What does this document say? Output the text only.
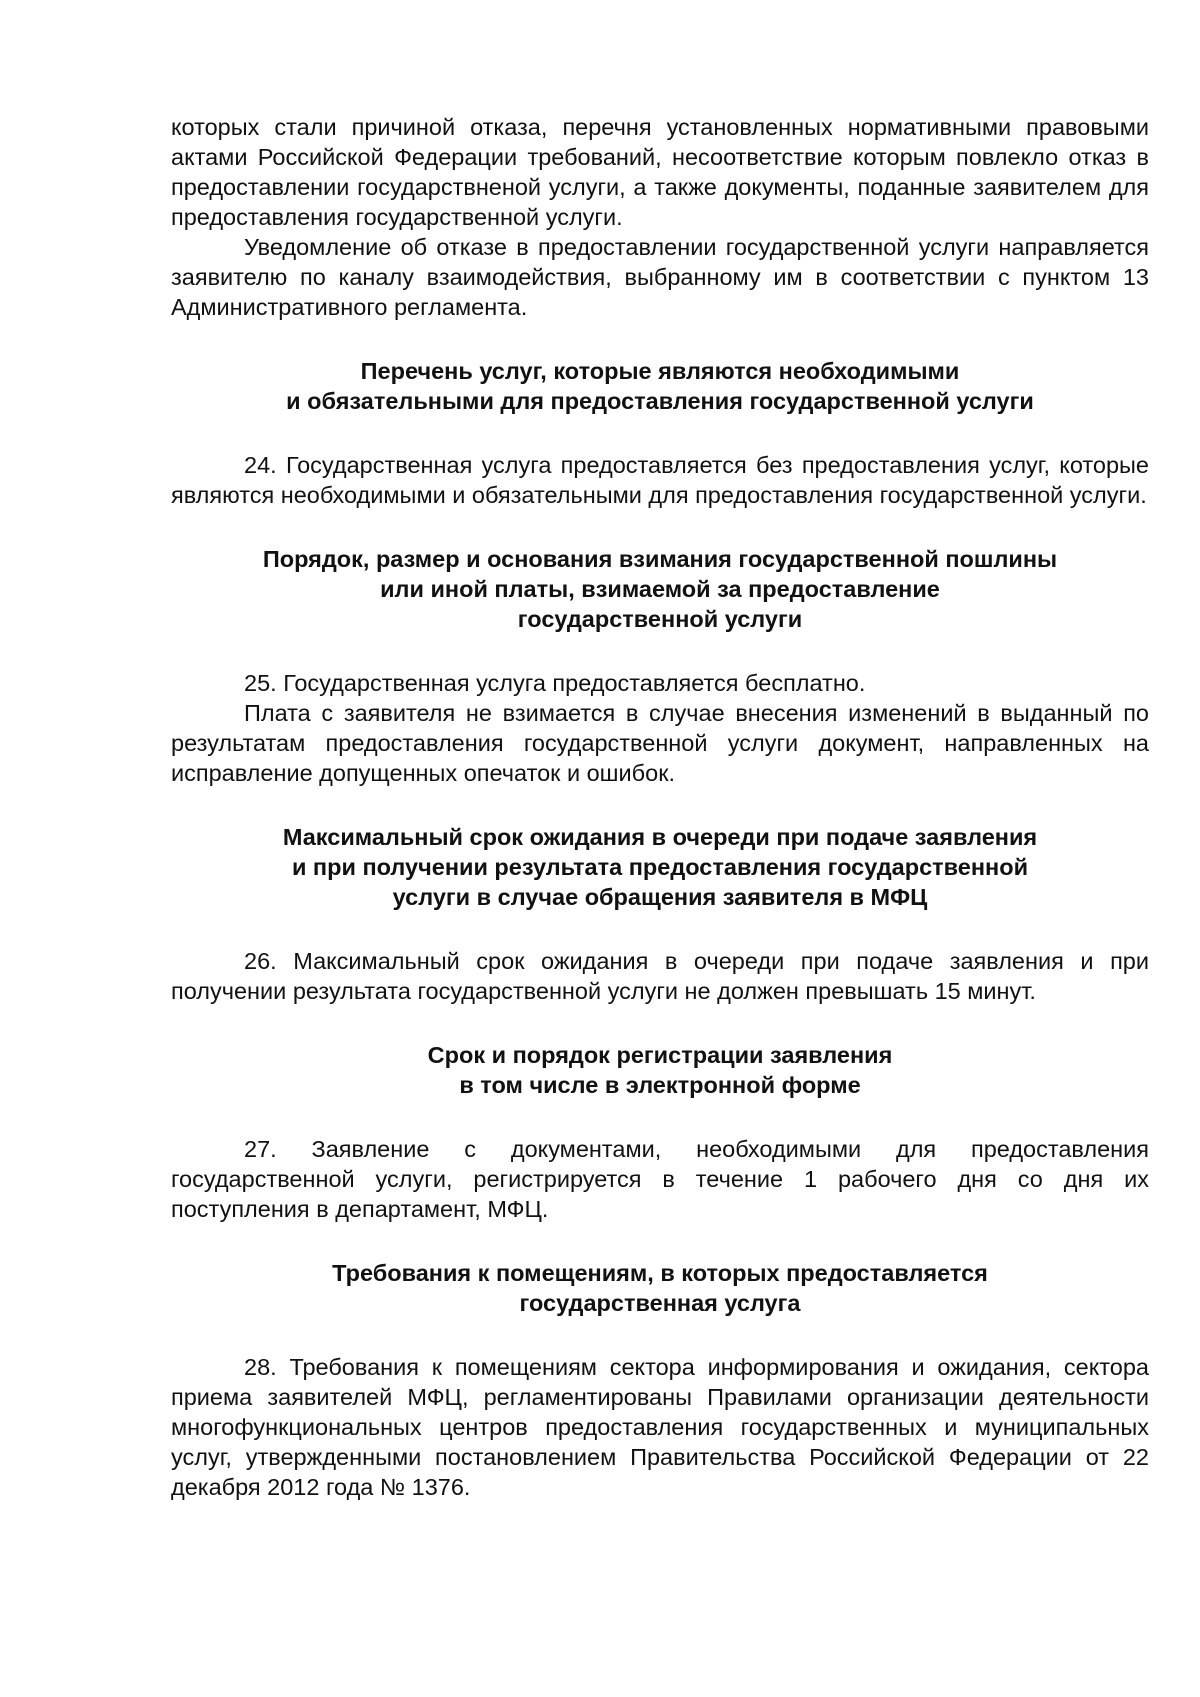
которых стали причиной отказа, перечня установленных нормативными правовыми актами Российской Федерации требований, несоответствие которым повлекло отказ в предоставлении государствненой услуги, а также документы, поданные заявителем для предоставления государственной услуги.

Уведомление об отказе в предоставлении государственной услуги направляется заявителю по каналу взаимодействия, выбранному им в соответствии с пунктом 13 Административного регламента.

Перечень услуг, которые являются необходимыми
и обязательными для предоставления государственной услуги

24. Государственная услуга предоставляется без предоставления услуг, которые являются необходимыми и обязательными для предоставления государственной услуги.

Порядок, размер и основания взимания государственной пошлины
или иной платы, взимаемой за предоставление
государственной услуги

25. Государственная услуга предоставляется бесплатно.

Плата с заявителя не взимается в случае внесения изменений в выданный по результатам предоставления государственной услуги документ, направленных на исправление допущенных опечаток и ошибок.

Максимальный срок ожидания в очереди при подаче заявления
и при получении результата предоставления государственной
услуги в случае обращения заявителя в МФЦ

26. Максимальный срок ожидания в очереди при подаче заявления и при получении результата государственной услуги не должен превышать 15 минут.

Срок и порядок регистрации заявления
в том числе в электронной форме

27. Заявление с документами, необходимыми для предоставления государственной услуги, регистрируется в течение 1 рабочего дня со дня их поступления в департамент, МФЦ.

Требования к помещениям, в которых предоставляется
государственная услуга

28. Требования к помещениям сектора информирования и ожидания, сектора приема заявителей МФЦ, регламентированы Правилами организации деятельности многофункциональных центров предоставления государственных и муниципальных услуг, утвержденными постановлением Правительства Российской Федерации от 22 декабря 2012 года № 1376.
